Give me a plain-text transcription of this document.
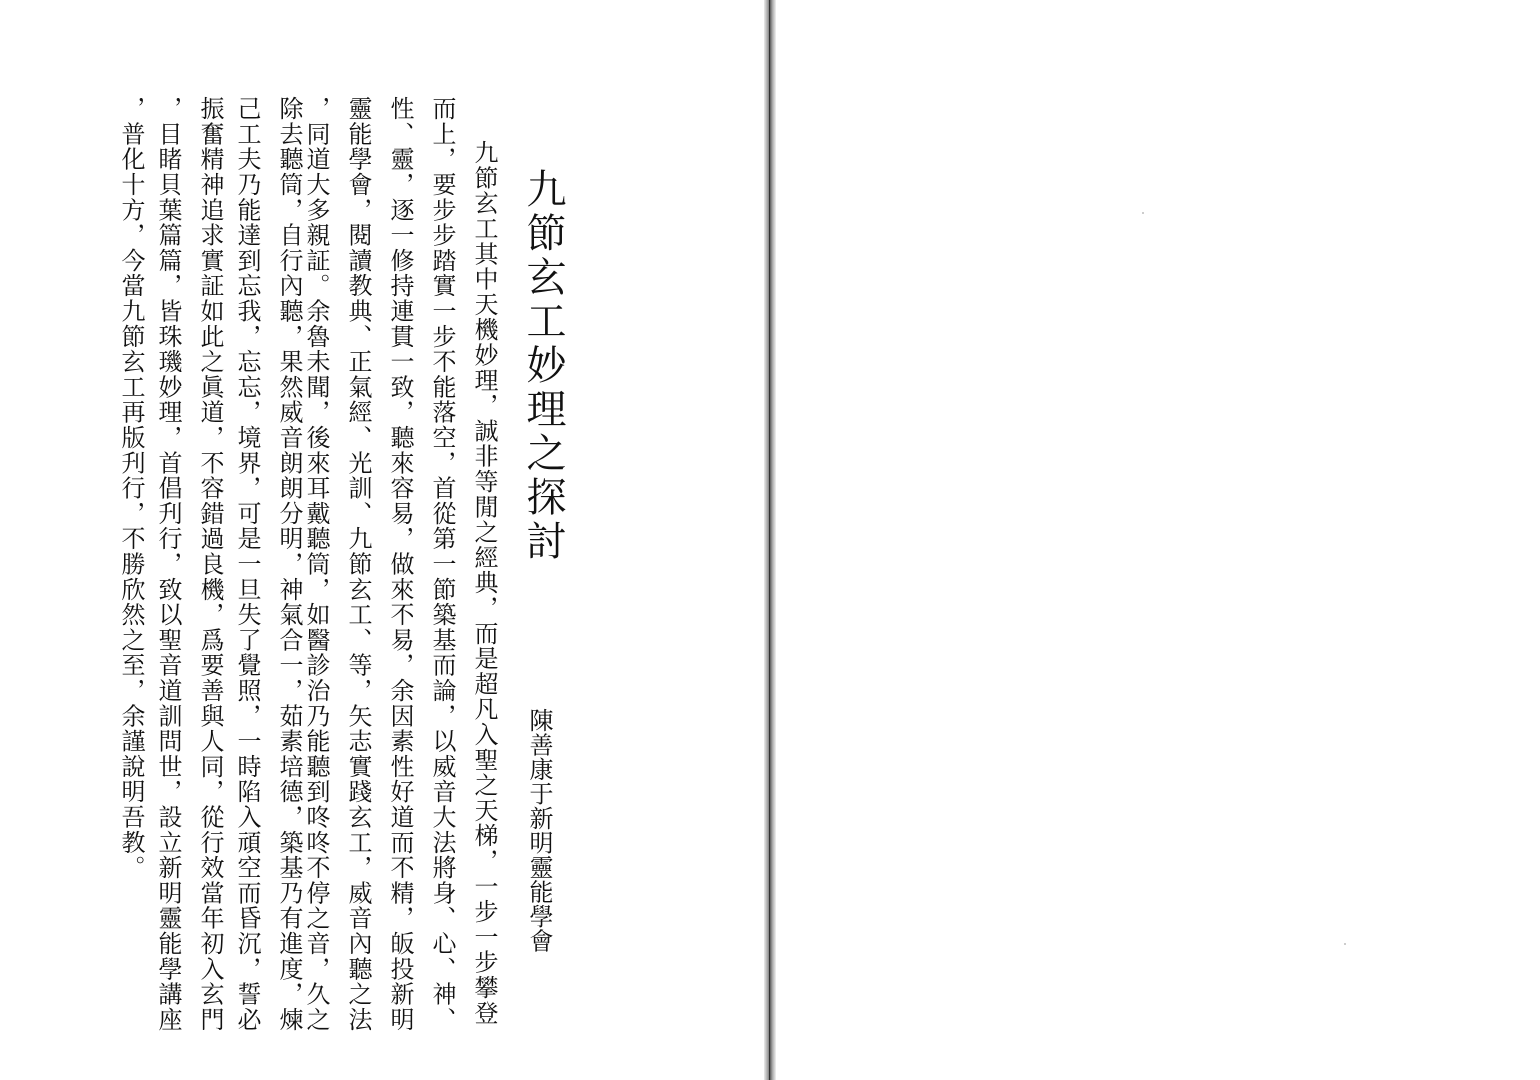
九節玄工妙理之探討
陳善康于新明靈能學會
九節玄工其中天機妙理，誠非等閒之經典，而是超凡入聖之天梯，一步一步攀登
而上，要步步踏實一步不能落空，首從第一節築基而論，以威音大法將身、心、神、
性、靈，逐一修持連貫一致，聽來容易，做來不易，余因素性好道而不精，皈投新明
靈能學會，閱讀教典、正氣經、光訓、九節玄工、等，矢志實踐玄工，威音內聽之法
，同道大多親証。余魯未聞，後來耳戴聽筒，如醫診治乃能聽到咚咚不停之音，久之
除去聽筒，自行內聽，果然威音朗朗分明，神氣合一，茹素培德，築基乃有進度，煉
己工夫乃能達到忘我，忘忘，境界，可是一旦失了覺照，一時陷入頑空而昏沉，誓必
振奮精神追求實証如此之眞道，不容錯過良機，爲要善與人同，從行效當年初入玄門
，目睹貝葉篇篇，皆珠璣妙理，首倡刋行，致以聖音道訓問世，設立新明靈能學講座
，普化十方，今當九節玄工再版刋行，不勝欣然之至，余謹說明吾教。
